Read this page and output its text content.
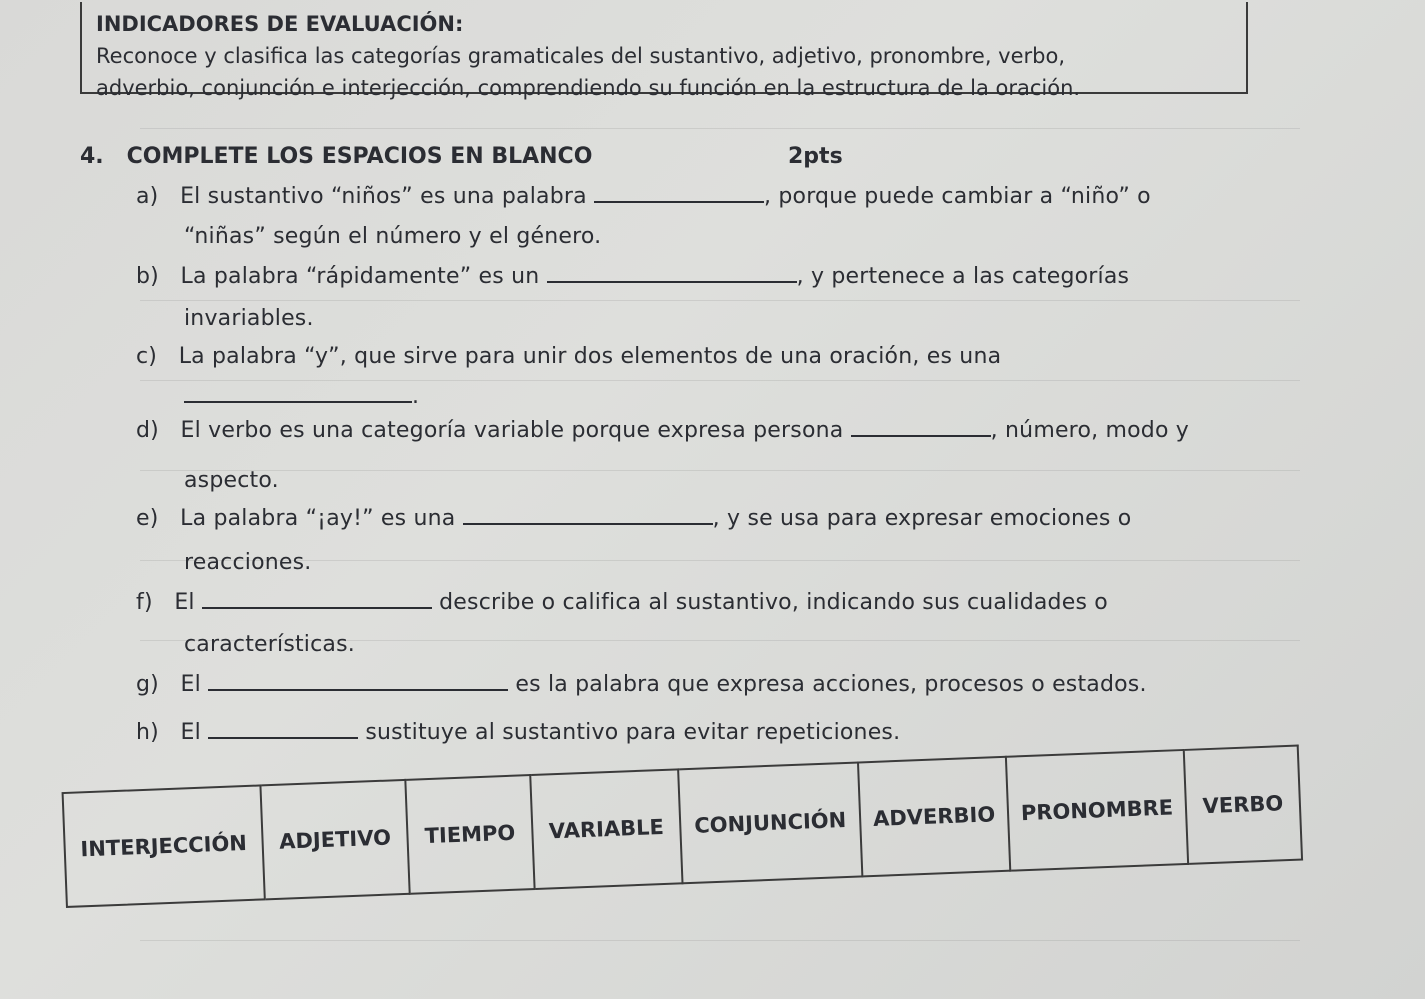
INDICADORES DE EVALUACIÓN:
Reconoce y clasifica las categorías gramaticales del sustantivo, adjetivo, pronombre, verbo,
adverbio, conjunción e interjección, comprendiendo su función en la estructura de la oración.
4.   COMPLETE LOS ESPACIOS EN BLANCO	2pts
a) El sustantivo “niños” es una palabra	, porque puede cambiar a “niño” o
“niñas” según el número y el género.
b) La palabra “rápidamente” es un	, y pertenece a las categorías
invariables.
c) La palabra “y”, que sirve para unir dos elementos de una oración, es una
.
d) El verbo es una categoría variable porque expresa persona	, número, modo y
aspecto.
e) La palabra “¡ay!” es una	, y se usa para expresar emociones o
reacciones.
f) El	describe o califica al sustantivo, indicando sus cualidades o
características.
g) El	es la palabra que expresa acciones, procesos o estados.
h) El	sustituye al sustantivo para evitar repeticiones.
INTERJECCIÓN	ADJETIVO	TIEMPO	VARIABLE	CONJUNCIÓN	ADVERBIO	PRONOMBRE	VERBO
